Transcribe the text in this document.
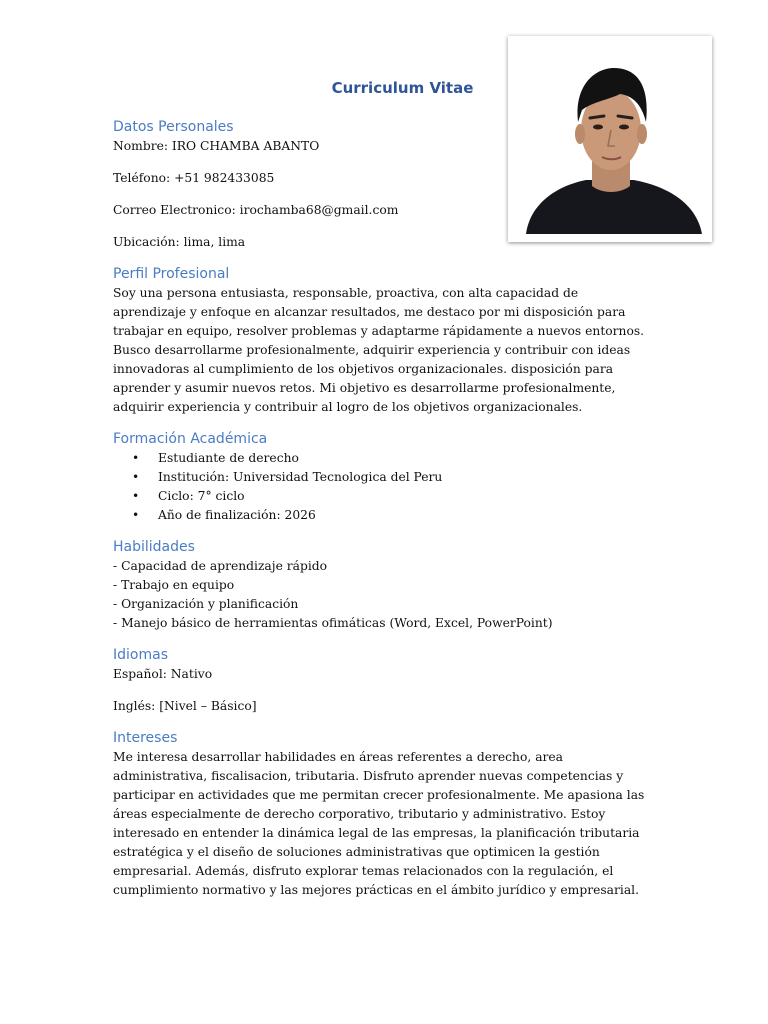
Curriculum Vitae
Datos Personales

Nombre: IRO CHAMBA ABANTO

Teléfono: +51 982433085

Correo Electronico: irochamba68@gmail.com

Ubicación: lima, lima

Perfil Profesional

Soy una persona entusiasta, responsable, proactiva, con alta capacidad de aprendizaje y enfoque en alcanzar resultados, me destaco por mi disposición para trabajar en equipo, resolver problemas y adaptarme rápidamente a nuevos entornos. Busco desarrollarme profesionalmente, adquirir experiencia y contribuir con ideas innovadoras al cumplimiento de los objetivos organizacionales. disposición para aprender y asumir nuevos retos. Mi objetivo es desarrollarme profesionalmente, adquirir experiencia y contribuir al logro de los objetivos organizacionales.

Formación Académica
• Estudiante de derecho
• Institución: Universidad Tecnologica del Peru
• Ciclo: 7° ciclo
• Año de finalización: 2026
Habilidades
- Capacidad de aprendizaje rápido
- Trabajo en equipo
- Organización y planificación
- Manejo básico de herramientas ofimáticas (Word, Excel, PowerPoint)
Idiomas

Español: Nativo

Inglés: [Nivel – Básico]

Intereses

Me interesa desarrollar habilidades en áreas referentes a derecho, area administrativa, fiscalisacion, tributaria. Disfruto aprender nuevas competencias y participar en actividades que me permitan crecer profesionalmente. Me apasiona las áreas especialmente de derecho corporativo, tributario y administrativo. Estoy interesado en entender la dinámica legal de las empresas, la planificación tributaria estratégica y el diseño de soluciones administrativas que optimicen la gestión empresarial. Además, disfruto explorar temas relacionados con la regulación, el cumplimiento normativo y las mejores prácticas en el ámbito jurídico y empresarial.
